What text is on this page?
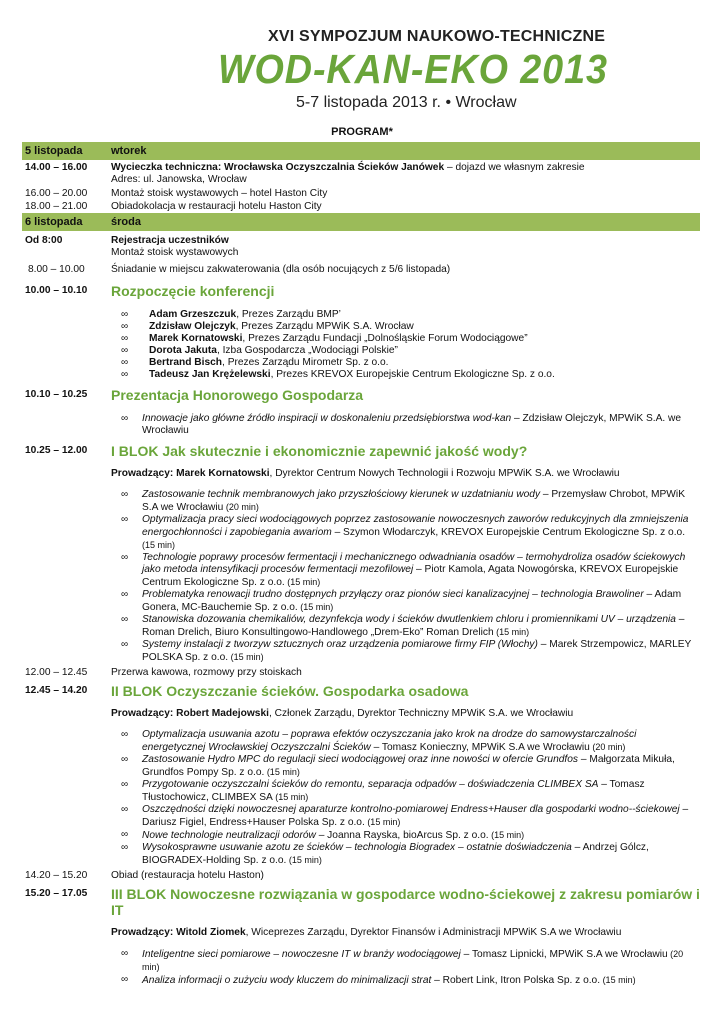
XVI SYMPOZJUM NAUKOWO-TECHNICZNE
WOD-KAN-EKO 2013
5-7 listopada 2013 r. • Wrocław
PROGRAM*
5 listopada	wtorek
14.00 – 16.00	Wycieczka techniczna: Wrocławska Oczyszczalnia Ścieków Janówek – dojazd we własnym zakresie
Adres: ul. Janowska, Wrocław
16.00 – 20.00	Montaż stoisk wystawowych – hotel Haston City
18.00 – 21.00	Obiadokolacja w restauracji hotelu Haston City
6 listopada	środa
Od 8:00	Rejestracja uczestników
Montaż stoisk wystawowych
8.00 – 10.00	Śniadanie w miejscu zakwaterowania (dla osób nocujących z 5/6 listopada)
10.00 – 10.10	Rozpoczęcie konferencji
∞ Adam Grzeszczuk, Prezes Zarządu BMP’
∞ Zdzisław Olejczyk, Prezes Zarządu MPWiK S.A. Wrocław
∞ Marek Kornatowski, Prezes Zarządu Fundacji „Dolnośląskie Forum Wodociągowe”
∞ Dorota Jakuta, Izba Gospodarcza „Wodociągi Polskie”
∞ Bertrand Bisch, Prezes Zarządu Mirometr Sp. z o.o.
∞ Tadeusz Jan Krężelewski, Prezes KREVOX Europejskie Centrum Ekologiczne Sp. z o.o.
10.10 – 10.25	Prezentacja Honorowego Gospodarza
∞ Innowacje jako główne źródło inspiracji w doskonaleniu przedsiębiorstwa wod-kan – Zdzisław Olejczyk, MPWiK S.A. we Wrocławiu
10.25 – 12.00	I BLOK Jak skutecznie i ekonomicznie zapewnić jakość wody?
Prowadzący: Marek Kornatowski, Dyrektor Centrum Nowych Technologii i Rozwoju MPWiK S.A. we Wrocławiu
∞ Zastosowanie technik membranowych jako przyszłościowy kierunek w uzdatnianiu wody – Przemysław Chrobot, MPWiK S.A we Wrocławiu (20 min)
∞ Optymalizacja pracy sieci wodociągowych poprzez zastosowanie nowoczesnych zaworów redukcyjnych dla zmniejszenia energochłonności i zapobiegania awariom – Szymon Włodarczyk, KREVOX Europejskie Centrum Ekologiczne Sp. z o.o. (15 min)
∞ Technologie poprawy procesów fermentacji i mechanicznego odwadniania osadów – termohydroliza osadów ściekowych jako metoda intensyfikacji procesów fermentacji mezofilowej – Piotr Kamola, Agata Nowogórska, KREVOX Europejskie Centrum Ekologiczne Sp. z o.o. (15 min)
∞ Problematyka renowacji trudno dostępnych przyłączy oraz pionów sieci kanalizacyjnej – technologia Brawoliner – Adam Gonera, MC-Bauchemie Sp. z o.o. (15 min)
∞ Stanowiska dozowania chemikaliów, dezynfekcja wody i ścieków dwutlenkiem chloru i promiennikami UV – urządzenia – Roman Drelich, Biuro Konsultingowo-Handlowego „Drem-Eko” Roman Drelich (15 min)
∞ Systemy instalacji z tworzyw sztucznych oraz urządzenia pomiarowe firmy FIP (Włochy) – Marek Strzempowicz, MARLEY POLSKA Sp. z o.o. (15 min)
12.00 – 12.45	Przerwa kawowa, rozmowy przy stoiskach
12.45 – 14.20	II BLOK Oczyszczanie ścieków. Gospodarka osadowa
Prowadzący: Robert Madejowski, Członek Zarządu, Dyrektor Techniczny MPWiK S.A. we Wrocławiu
∞ Optymalizacja usuwania azotu – poprawa efektów oczyszczania jako krok na drodze do samowystarczalności energetycznej Wrocławskiej Oczyszczalni Ścieków – Tomasz Konieczny, MPWiK S.A we Wrocławiu (20 min)
∞ Zastosowanie Hydro MPC do regulacji sieci wodociągowej oraz inne nowości w ofercie Grundfos – Małgorzata Mikuła, Grundfos Pompy Sp. z o.o. (15 min)
∞ Przygotowanie oczyszczalni ścieków do remontu, separacja odpadów – doświadczenia CLIMBEX SA – Tomasz Tłustochowicz, CLIMBEX SA (15 min)
∞ Oszczędności dzięki nowoczesnej aparaturze kontrolno-pomiarowej Endress+Hauser dla gospodarki wodno--ściekowej – Dariusz Figiel, Endress+Hauser Polska Sp. z o.o. (15 min)
∞ Nowe technologie neutralizacji odorów – Joanna Rayska, bioArcus Sp. z o.o. (15 min)
∞ Wysokosprawne usuwanie azotu ze ścieków – technologia Biogradex – ostatnie doświadczenia – Andrzej Gólcz, BIOGRADEX-Holding Sp. z o.o. (15 min)
14.20 – 15.20	Obiad (restauracja hotelu Haston)
15.20 – 17.05	III BLOK Nowoczesne rozwiązania w gospodarce wodno-ściekowej z zakresu pomiarów i IT
Prowadzący: Witold Ziomek, Wiceprezes Zarządu, Dyrektor Finansów i Administracji MPWiK S.A we Wrocławiu
∞ Inteligentne sieci pomiarowe – nowoczesne IT w branży wodociągowej – Tomasz Lipnicki, MPWiK S.A we Wrocławiu (20 min)
∞ Analiza informacji o zużyciu wody kluczem do minimalizacji strat – Robert Link, Itron Polska Sp. z o.o. (15 min)
